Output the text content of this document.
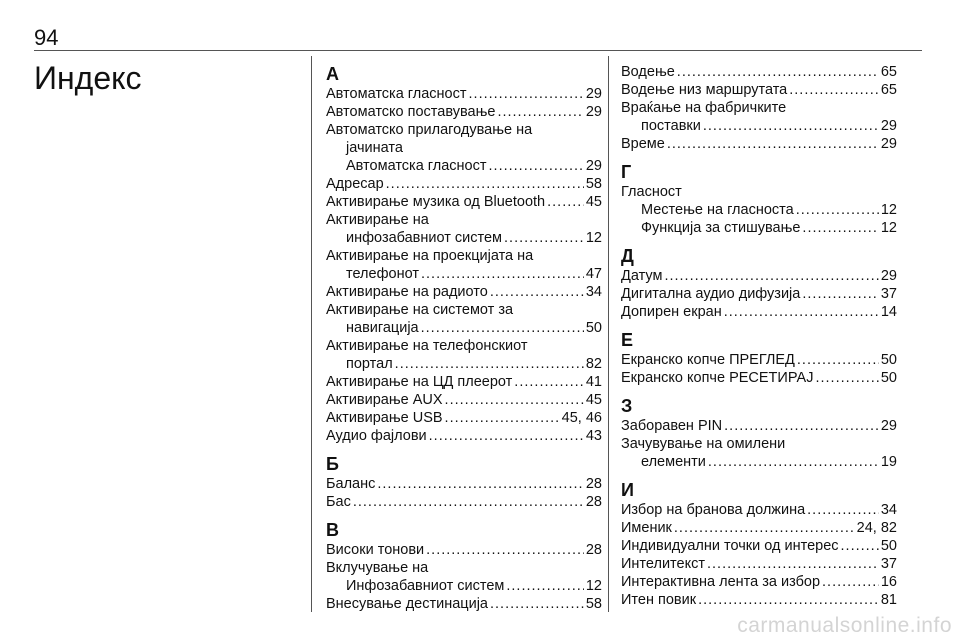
94
Индекс	А
Автоматска гласност .....	29
Автоматско поставување .....	29
Автоматско прилагодување на
јачината
Автоматска гласност .....	29
Адресар .....	58
Активирање музика од Bluetooth .....	45
Активирање на
инфозабавниот систем .....	12
Активирање на проекцијата на
телефонот .....	47
Активирање на радиото .....	34
Активирање на системот за
навигација .....	50
Активирање на телефонскиот
портал .....	82
Активирање на ЦД плеерот .....	41
Активирање AUX .....	45
Активирање USB .....	45, 46
Аудио фајлови .....	43
Б
Баланс .....	28
Бас .....	28
В
Високи тонови .....	28
Вклучување на
Инфозабавниот систем .....	12
Внесување дестинација .....	58
Водење .....	65
Водење низ маршрутата .....	65
Враќање на фабричките
поставки .....	29
Време .....	29
Г
Гласност
Местење на гласноста .....	12
Функција за стишување .....	12
Д
Датум .....	29
Дигитална аудио дифузија .....	37
Допирен екран .....	14
Е
Екранско копче ПРЕГЛЕД .....	50
Екранско копче РЕСЕТИРАЈ .....	50
З
Заборавен PIN .....	29
Зачувување на омилени
елементи .....	19
И
Избор на бранова должина .....	34
Именик .....	24, 82
Индивидуални точки од интерес .....	50
Интелитекст .....	37
Интерактивна лента за избор .....	16
Итен повик .....	81
carmanualsonline.info
